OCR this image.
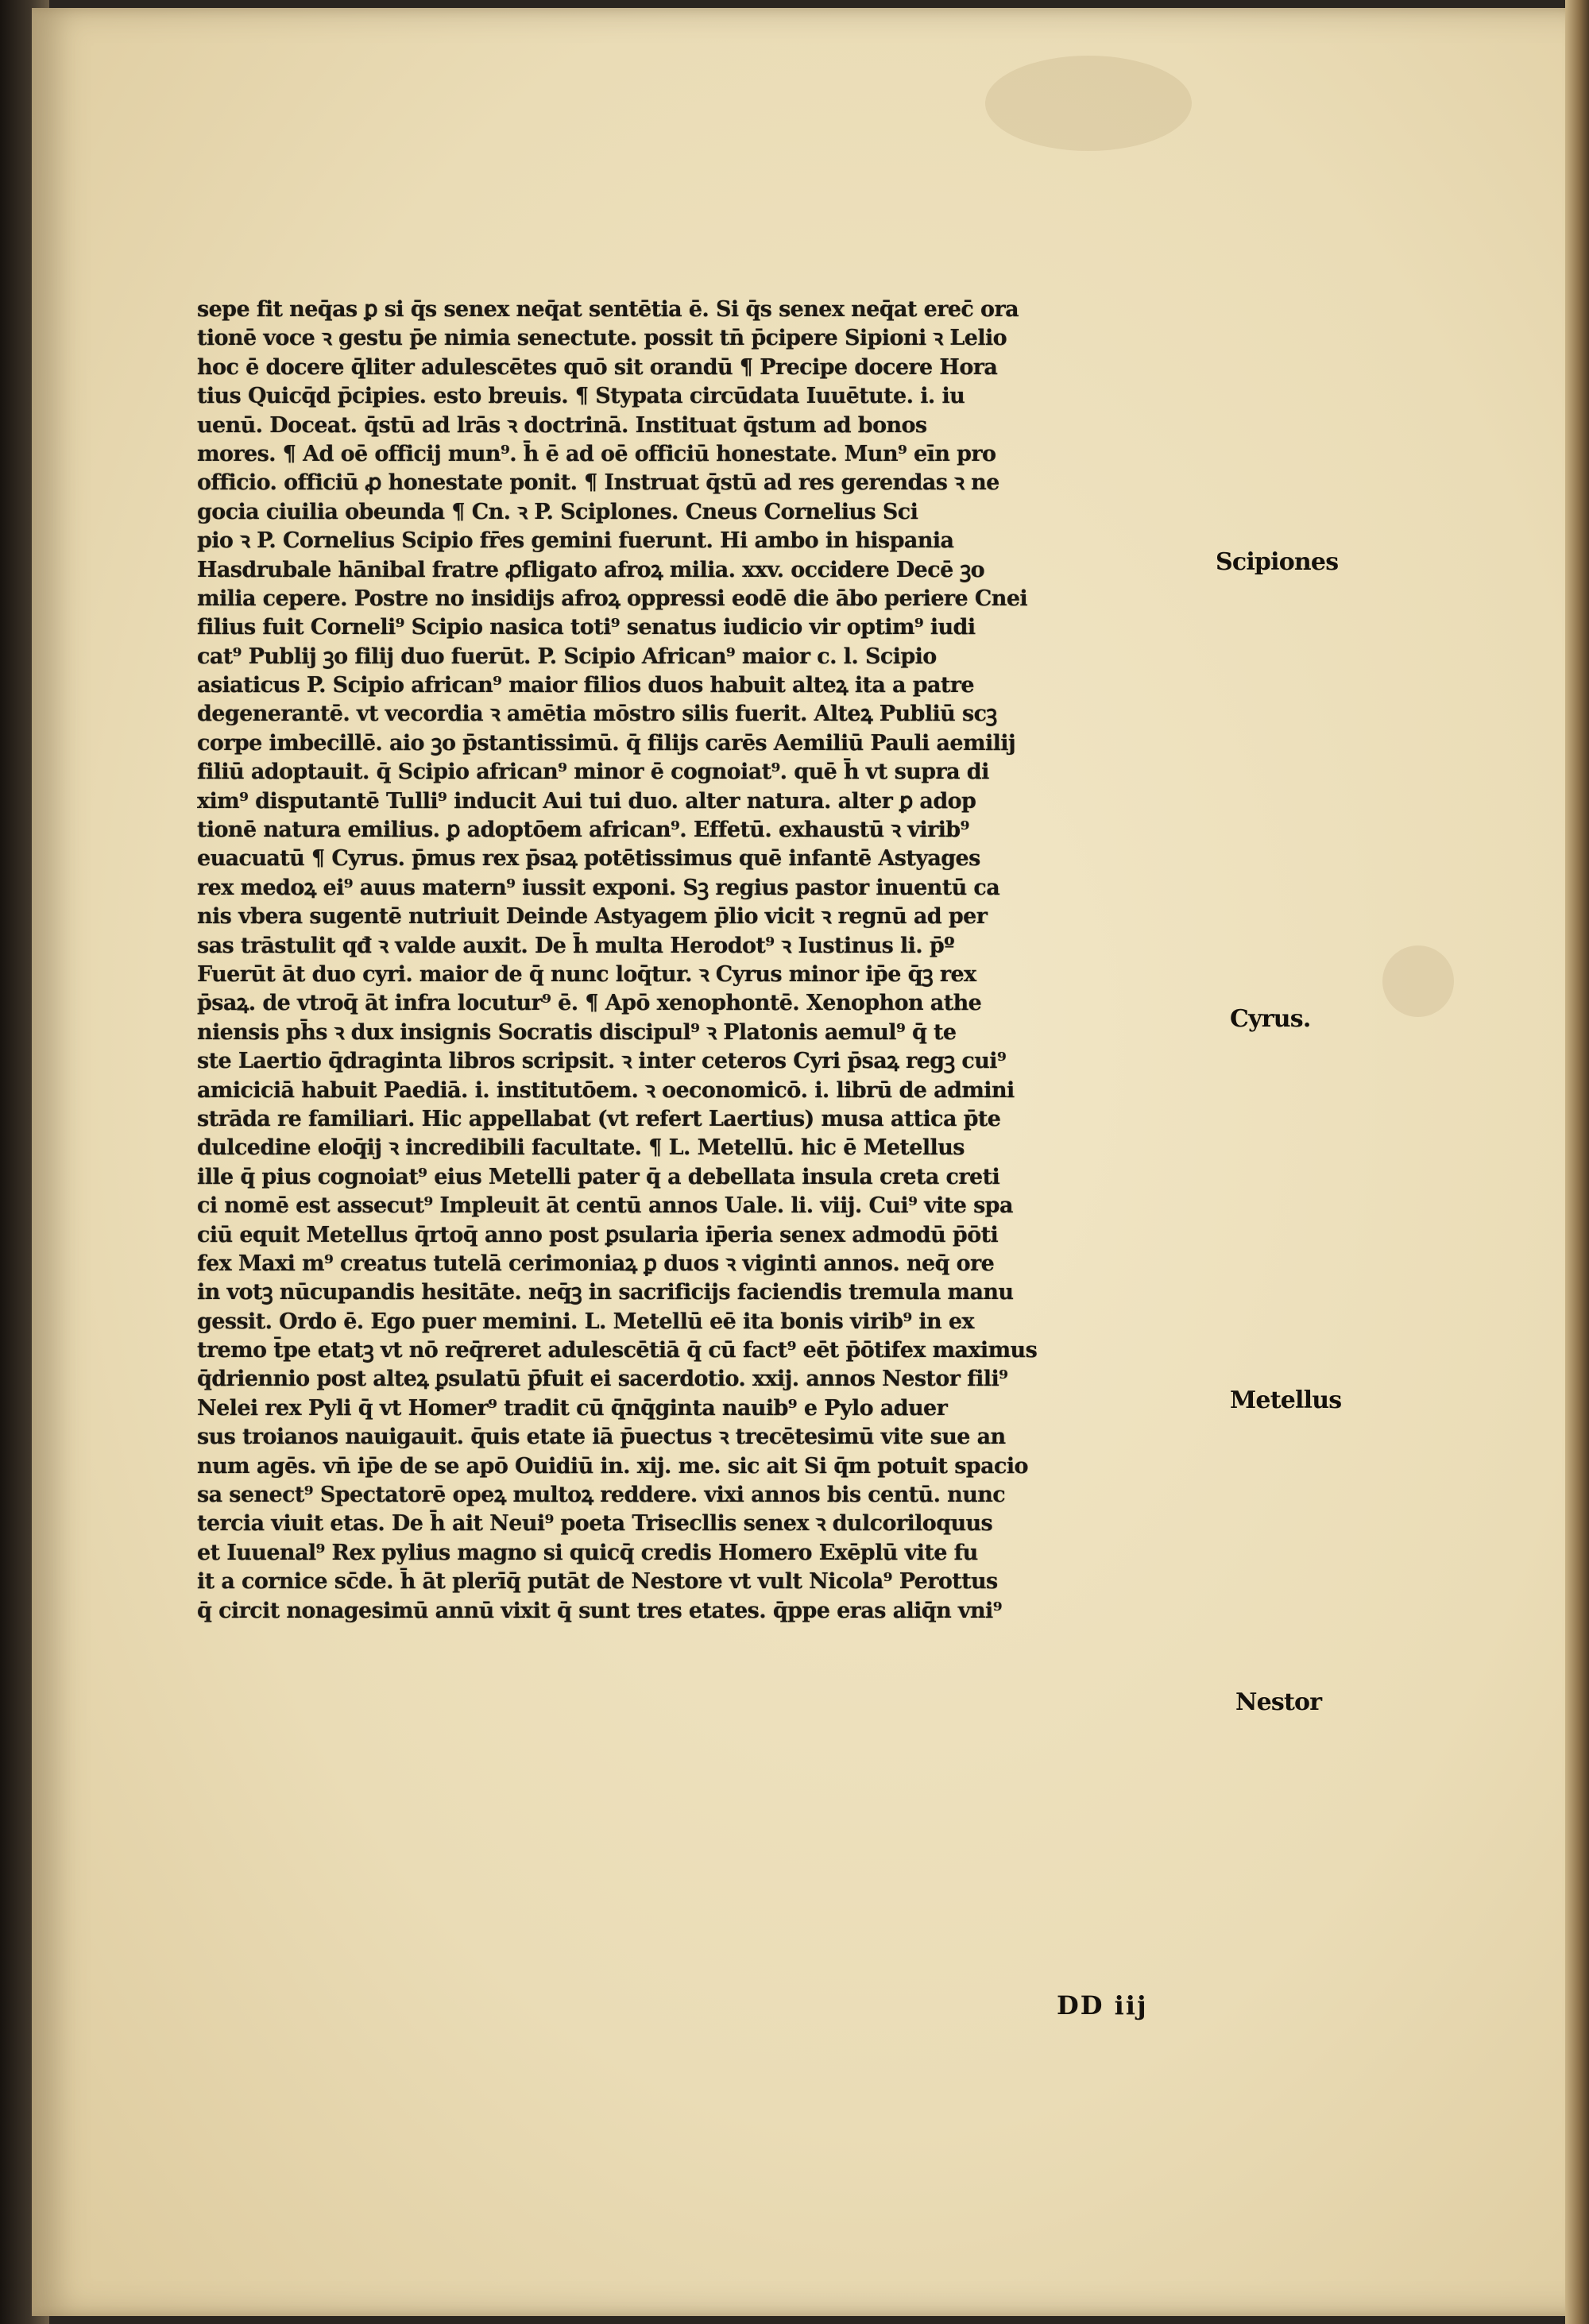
sepe fit neq̄as ꝑ si q̄s senex neq̄at sentētia ē. Si q̄s senex neq̄at erec̄ ora
tionē voce ꝛ gestu p̄e nimia senectute. possit tn̄ p̄cipere Sipioni ꝛ Lelio
hoc ē docere q̄liter adulescētes quō sit orandū ¶ Precipe docere Hora
tius Quicq̄d p̄cipies. esto breuis. ¶ Stypata circūdata Iuuētute. i. iu
uenū. Doceat. q̄stū ad lrās ꝛ doctrinā. Instituat q̄stum ad bonos
mores. ¶ Ad oē officij mun⁹. h̄ ē ad oē officiū honestate. Mun⁹ eīn pro
officio. officiū ꝓ honestate ponit. ¶ Instruat q̄stū ad res gerendas ꝛ ne
gocia ciuilia obeunda ¶ Cn. ꝛ P. Sciplones. Cneus Cornelius Sci
pio ꝛ P. Cornelius Scipio fr̄es gemini fuerunt. Hi ambo in hispania
Hasdrubale hānibal fratre ꝓfligato afroꝝ milia. xxv. occidere Decē ꝫo
milia cepere. Postre no insidijs afroꝝ oppressi eodē die ābo periere Cnei
filius fuit Corneli⁹ Scipio nasica toti⁹ senatus iudicio vir optim⁹ iudi
cat⁹ Publij ꝫo filij duo fuerūt. P. Scipio African⁹ maior c. l. Scipio
asiaticus P. Scipio african⁹ maior filios duos habuit alteꝝ ita a patre
degenerantē. vt vecordia ꝛ amētia mōstro silis fuerit. Alteꝝ Publiū scꝫ
corpe imbecillē. aio ꝫo p̄stantissimū. q̄ filijs carēs Aemiliū Pauli aemilij
filiū adoptauit. q̄ Scipio african⁹ minor ē cognoiat⁹. quē h̄ vt supra di
xim⁹ disputantē Tulli⁹ inducit Aui tui duo. alter natura. alter ꝑ adop
tionē natura emilius. ꝑ adoptōem african⁹. Effetū. exhaustū ꝛ virib⁹
euacuatū ¶ Cyrus. p̄mus rex p̄saꝝ potētissimus quē infantē Astyages
rex medoꝝ ei⁹ auus matern⁹ iussit exponi. Sꝫ regius pastor inuentū ca
nis vbera sugentē nutriuit Deinde Astyagem p̄lio vicit ꝛ regnū ad per
sas trāstulit qđ ꝛ valde auxit. De h̄ multa Herodot⁹ ꝛ Iustinus li. p̄º
Fuerūt āt duo cyri. maior de q̄ nunc loq̄tur. ꝛ Cyrus minor ip̄e q̄ꝫ rex
p̄saꝝ. de vtroq̄ āt infra locutur⁹ ē. ¶ Apō xenophontē. Xenophon athe
niensis ph̄s ꝛ dux insignis Socratis discipul⁹ ꝛ Platonis aemul⁹ q̄ te
ste Laertio q̄draginta libros scripsit. ꝛ inter ceteros Cyri p̄saꝝ regꝫ cui⁹
amiciciā habuit Paediā. i. institutōem. ꝛ oeconomicō. i. librū de admini
strāda re familiari. Hic appellabat (vt refert Laertius) musa attica p̄te
dulcedine eloq̄ij ꝛ incredibili facultate. ¶ L. Metellū. hic ē Metellus
ille q̄ pius cognoiat⁹ eius Metelli pater q̄ a debellata insula creta creti
ci nomē est assecut⁹ Impleuit āt centū annos Uale. li. viij. Cui⁹ vite spa
ciū equit Metellus q̄rtoq̄ anno post ꝑsularia ip̄eria senex admodū p̄ōti
fex Maxi m⁹ creatus tutelā cerimoniaꝝ ꝑ duos ꝛ viginti annos. neq̄ ore
in votꝫ nūcupandis hesitāte. neq̄ꝫ in sacrificijs faciendis tremula manu
gessit. Ordo ē. Ego puer memini. L. Metellū eē ita bonis virib⁹ in ex
tremo t̄pe etatꝫ vt nō req̄reret adulescētiā q̄ cū fact⁹ eēt p̄ōtifex maximus
q̄driennio post alteꝝ ꝑsulatū p̄fuit ei sacerdotio. xxij. annos Nestor fili⁹
Nelei rex Pyli q̄ vt Homer⁹ tradit cū q̄nq̄ginta nauib⁹ e Pylo aduer
sus troianos nauigauit. q̄uis etate iā p̄uectus ꝛ trecētesimū vite sue an
num agēs. vn̄ ip̄e de se apō Ouidiū in. xij. me. sic ait Si q̄m potuit spacio
sa senect⁹ Spectatorē opeꝝ multoꝝ reddere. vixi annos bis centū. nunc
tercia viuit etas. De h̄ ait Neui⁹ poeta Trisecllis senex ꝛ dulcoriloquus
et Iuuenal⁹ Rex pylius magno si quicq̄ credis Homero Exēplū vite fu
it a cornice sc̄de. h̄ āt plerīq̄ putāt de Nestore vt vult Nicola⁹ Perottus
q̄ circit nonagesimū annū vixit q̄ sunt tres etates. q̄ppe eras aliq̄n vni⁹
Scipiones
Cyrus.
Metellus
Nestor
DD iij
